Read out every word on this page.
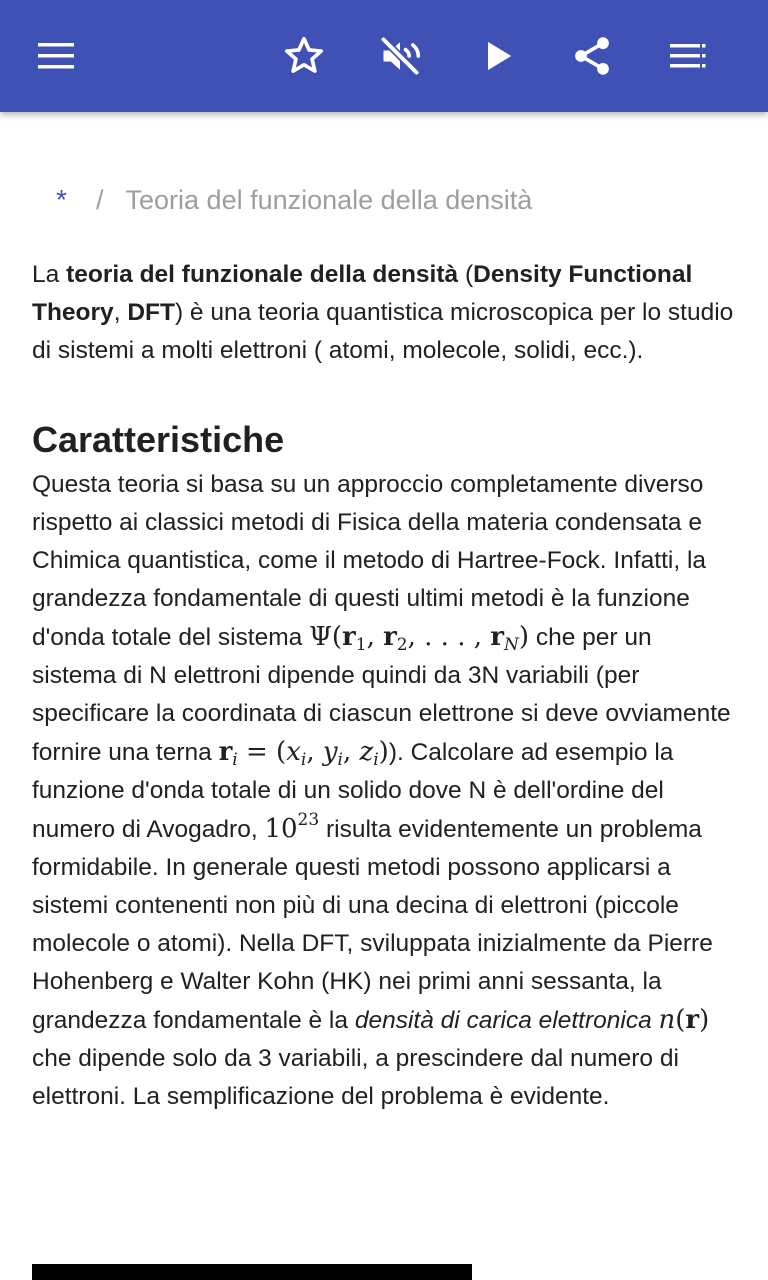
* / Teoria del funzionale della densità

La teoria del funzionale della densità (Density Functional Theory, DFT) è una teoria quantistica microscopica per lo studio di sistemi a molti elettroni ( atomi, molecole, solidi, ecc.).

Caratteristiche

Questa teoria si basa su un approccio completamente diverso rispetto ai classici metodi di Fisica della materia condensata e Chimica quantistica, come il metodo di Hartree-Fock. Infatti, la grandezza fondamentale di questi ultimi metodi è la funzione d'onda totale del sistema $\Psi(r_1$, $r_2$, . . . , $r_N$) che per un sistema di N elettroni dipende quindi da 3N variabili (per specificare la coordinata di ciascun elettrone si deve ovviamente fornire una terna $r_i = (x_i$, $y_i$, $z_i$)). Calcolare ad esempio la funzione d'onda totale di un solido dove N è dell'ordine del numero di Avogadro, $10^{23}$ risulta evidentemente un problema formidabile. In generale questi metodi possono applicarsi a sistemi contenenti non più di una decina di elettroni (piccole molecole o atomi). Nella DFT, sviluppata inizialmente da Pierre Hohenberg e Walter Kohn (HK) nei primi anni sessanta, la grandezza fondamentale è la densità di carica elettronica n(r) che dipende solo da 3 variabili, a prescindere dal numero di elettroni. La semplificazione del problema è evidente.
